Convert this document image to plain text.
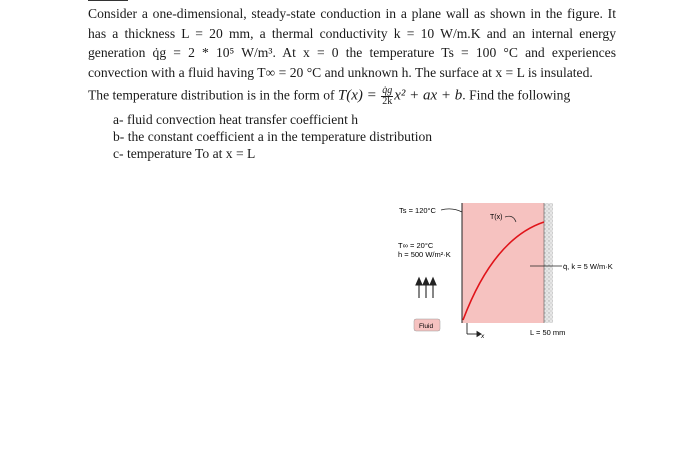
Consider a one-dimensional, steady-state conduction in a plane wall as shown in the figure. It
has a thickness L = 20 mm, a thermal conductivity k = 10 W/m.K and an internal energy
generation q̇g = 2 * 10⁵ W/m³. At x = 0 the temperature Ts = 100 °C and experiences
convection with a fluid having T∞ = 20 °C and unknown h. The surface at x = L is insulated.
The temperature distribution is in the form of $T(x) = \frac{q̇g}{2k} x^2$ + ax + b. Find the following
a- fluid convection heat transfer coefficient h
b- the constant coefficient a in the temperature distribution
c- temperature To at x = L
Ts = 120°C
T(x)
T∞ = 20°C
h = 500 W/m²·K
Fluid
x
q̇, k = 5 W/m·K
L = 50 mm
